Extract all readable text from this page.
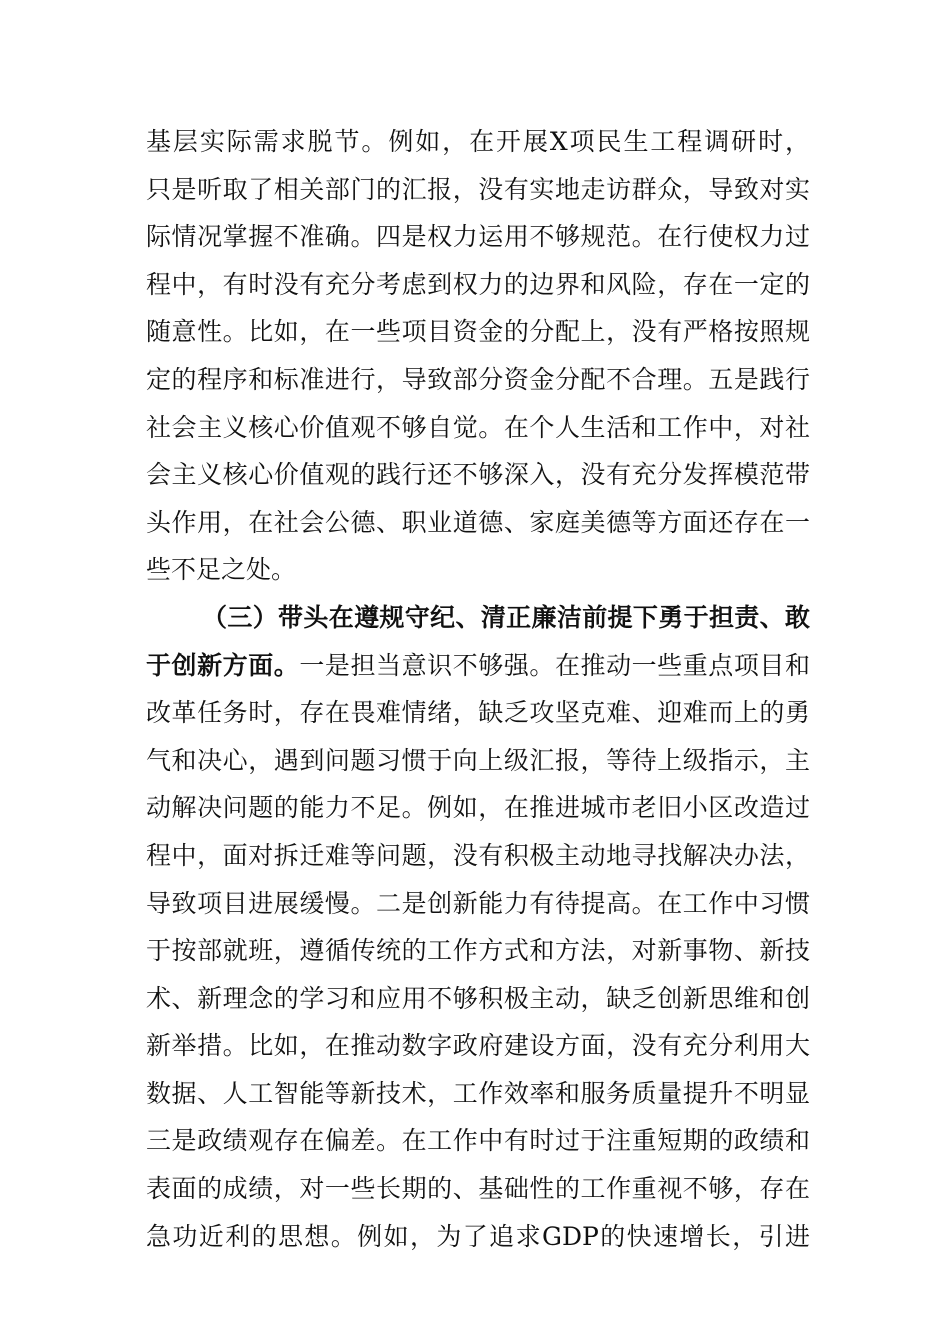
基层实际需求脱节。例如，在开展X项民生工程调研时，
只是听取了相关部门的汇报，没有实地走访群众，导致对实
际情况掌握不准确。四是权力运用不够规范。在行使权力过
程中，有时没有充分考虑到权力的边界和风险，存在一定的
随意性。比如，在一些项目资金的分配上，没有严格按照规
定的程序和标准进行，导致部分资金分配不合理。五是践行
社会主义核心价值观不够自觉。在个人生活和工作中，对社
会主义核心价值观的践行还不够深入，没有充分发挥模范带
头作用，在社会公德、职业道德、家庭美德等方面还存在一
些不足之处。
（三）带头在遵规守纪、清正廉洁前提下勇于担责、敢
于创新方面。一是担当意识不够强。在推动一些重点项目和
改革任务时，存在畏难情绪，缺乏攻坚克难、迎难而上的勇
气和决心，遇到问题习惯于向上级汇报，等待上级指示，主
动解决问题的能力不足。例如，在推进城市老旧小区改造过
程中，面对拆迁难等问题，没有积极主动地寻找解决办法，
导致项目进展缓慢。二是创新能力有待提高。在工作中习惯
于按部就班，遵循传统的工作方式和方法，对新事物、新技
术、新理念的学习和应用不够积极主动，缺乏创新思维和创
新举措。比如，在推动数字政府建设方面，没有充分利用大
数据、人工智能等新技术，工作效率和服务质量提升不明显
三是政绩观存在偏差。在工作中有时过于注重短期的政绩和
表面的成绩，对一些长期的、基础性的工作重视不够，存在
急功近利的思想。例如，为了追求GDP的快速增长，引进
